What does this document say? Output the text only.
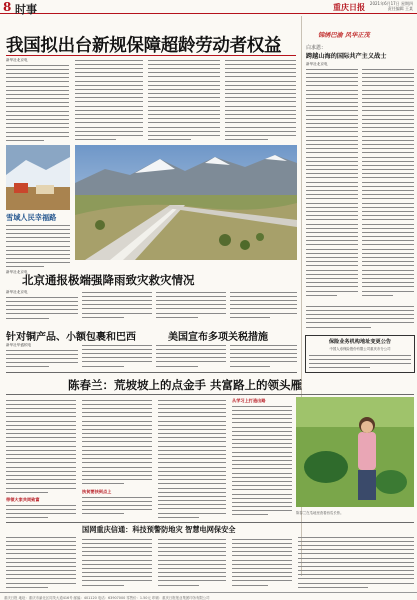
8 时事	重庆日报 2021年6月17日 星期四
责任编辑 王某
我国拟出台新规保障超龄劳动者权益
新华社北京电
雪域人民幸福路
新华社北京电
北京通报极端强降雨致灾救灾情况
新华社北京电
针对铜产品、小额包裹和巴西	美国宣布多项关税措施
新华社华盛顿电
锦绣巴渝 风华正茂
白求恩：
跨越山海的国际共产主义战士
新华社北京电
保险业务机构地址变更公告
中国人寿保险股份有限公司重庆市分公司
陈春兰：荒坡坡上的点金手 共富路上的领头雁
扶贫要扶到点上
从学习上打造出路
带领大家共同致富
陈春兰在瓜地里查看西瓜长势。
国网重庆信通：科技预警防地灾 智慧电网保安全
重庆日报 地址：重庆市渝北区同茂大道416号 邮编：401120 电话：63907000 零售价：1.50元 印刷：重庆日报报业集团印务有限公司
